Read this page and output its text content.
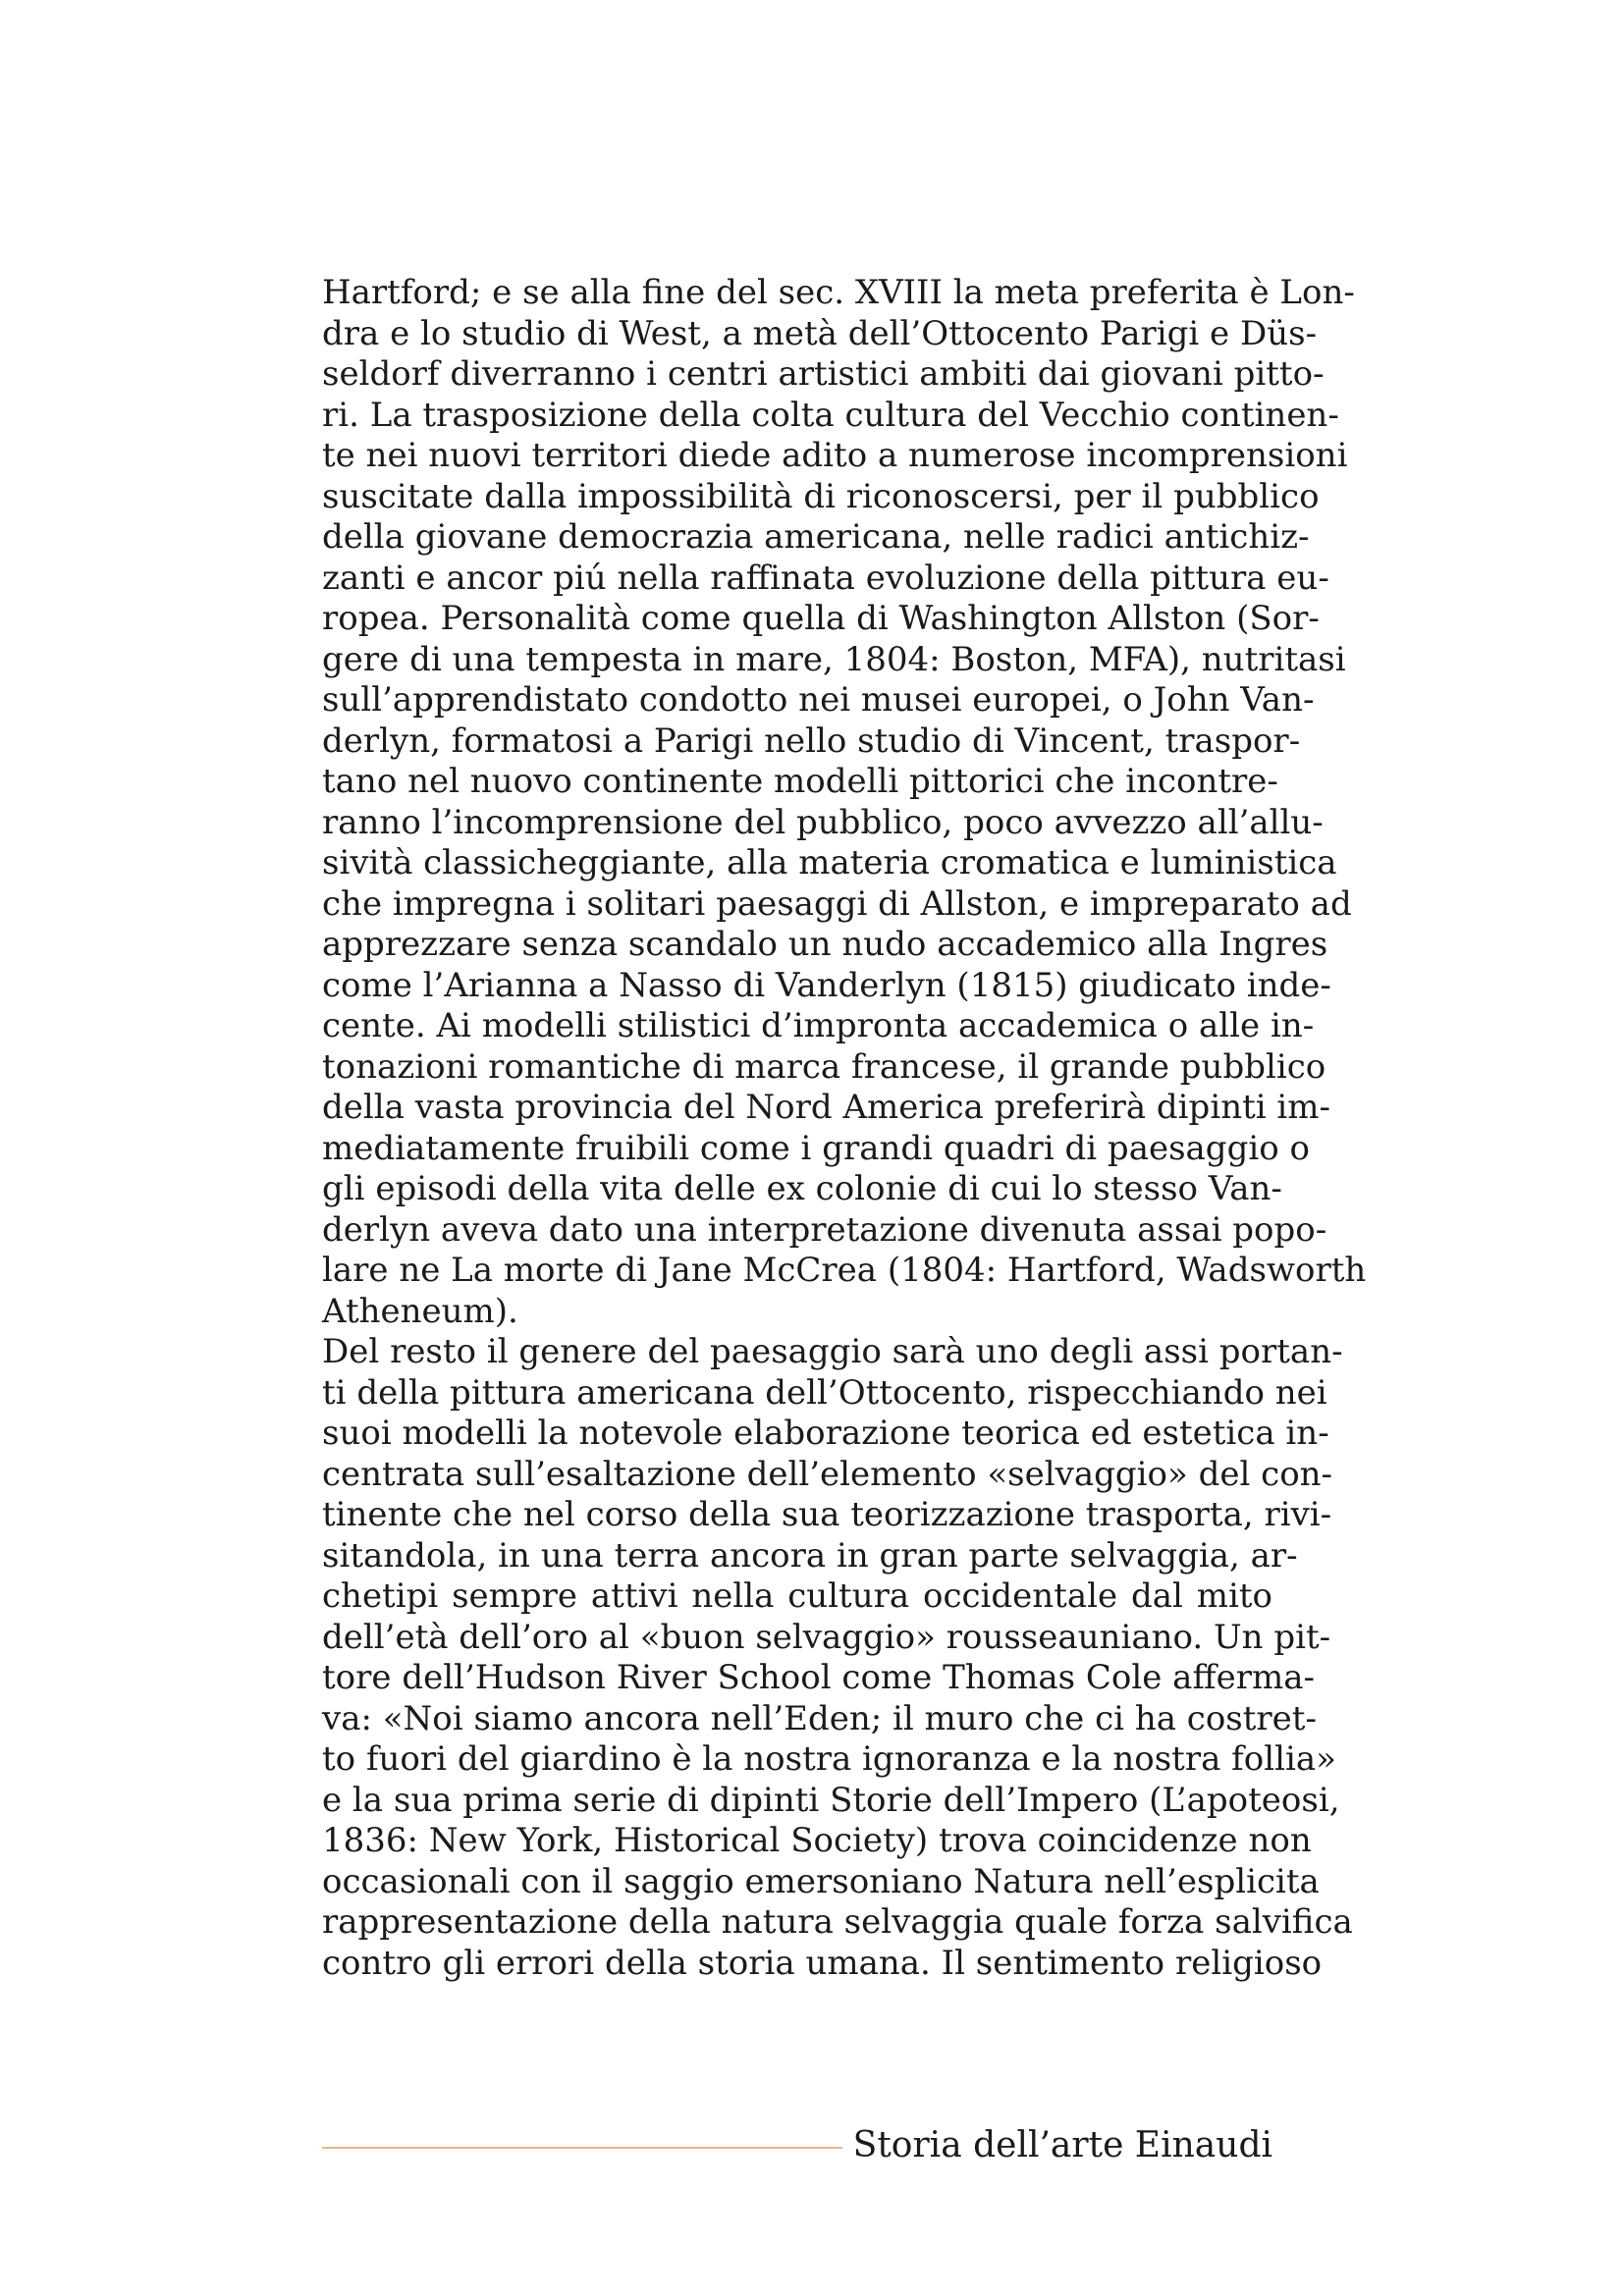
Hartford; e se alla fine del sec. XVIII la meta preferita è Lon-
dra e lo studio di West, a metà dell’Ottocento Parigi e Düs-
seldorf diverranno i centri artistici ambiti dai giovani pitto-
ri. La trasposizione della colta cultura del Vecchio continen-
te nei nuovi territori diede adito a numerose incomprensioni
suscitate dalla impossibilità di riconoscersi, per il pubblico
della giovane democrazia americana, nelle radici antichiz-
zanti e ancor piú nella raffinata evoluzione della pittura eu-
ropea. Personalità come quella di Washington Allston (Sor-
gere di una tempesta in mare, 1804: Boston, MFA), nutritasi
sull’apprendistato condotto nei musei europei, o John Van-
derlyn, formatosi a Parigi nello studio di Vincent, traspor-
tano nel nuovo continente modelli pittorici che incontre-
ranno l’incomprensione del pubblico, poco avvezzo all’allu-
sività classicheggiante, alla materia cromatica e luministica
che impregna i solitari paesaggi di Allston, e impreparato ad
apprezzare senza scandalo un nudo accademico alla Ingres
come l’Arianna a Nasso di Vanderlyn (1815) giudicato inde-
cente. Ai modelli stilistici d’impronta accademica o alle in-
tonazioni romantiche di marca francese, il grande pubblico
della vasta provincia del Nord America preferirà dipinti im-
mediatamente fruibili come i grandi quadri di paesaggio o
gli episodi della vita delle ex colonie di cui lo stesso Van-
derlyn aveva dato una interpretazione divenuta assai popo-
lare ne La morte di Jane McCrea (1804: Hartford, Wadsworth
Atheneum).
Del resto il genere del paesaggio sarà uno degli assi portan-
ti della pittura americana dell’Ottocento, rispecchiando nei
suoi modelli la notevole elaborazione teorica ed estetica in-
centrata sull’esaltazione dell’elemento «selvaggio» del con-
tinente che nel corso della sua teorizzazione trasporta, rivi-
sitandola, in una terra ancora in gran parte selvaggia, ar-
chetipi sempre attivi nella cultura occidentale dal mito
dell’età dell’oro al «buon selvaggio» rousseauniano. Un pit-
tore dell’Hudson River School come Thomas Cole afferma-
va: «Noi siamo ancora nell’Eden; il muro che ci ha costret-
to fuori del giardino è la nostra ignoranza e la nostra follia»
e la sua prima serie di dipinti Storie dell’Impero (L’apoteosi,
1836: New York, Historical Society) trova coincidenze non
occasionali con il saggio emersoniano Natura nell’esplicita
rappresentazione della natura selvaggia quale forza salvifica
contro gli errori della storia umana. Il sentimento religioso
Storia dell’arte Einaudi
